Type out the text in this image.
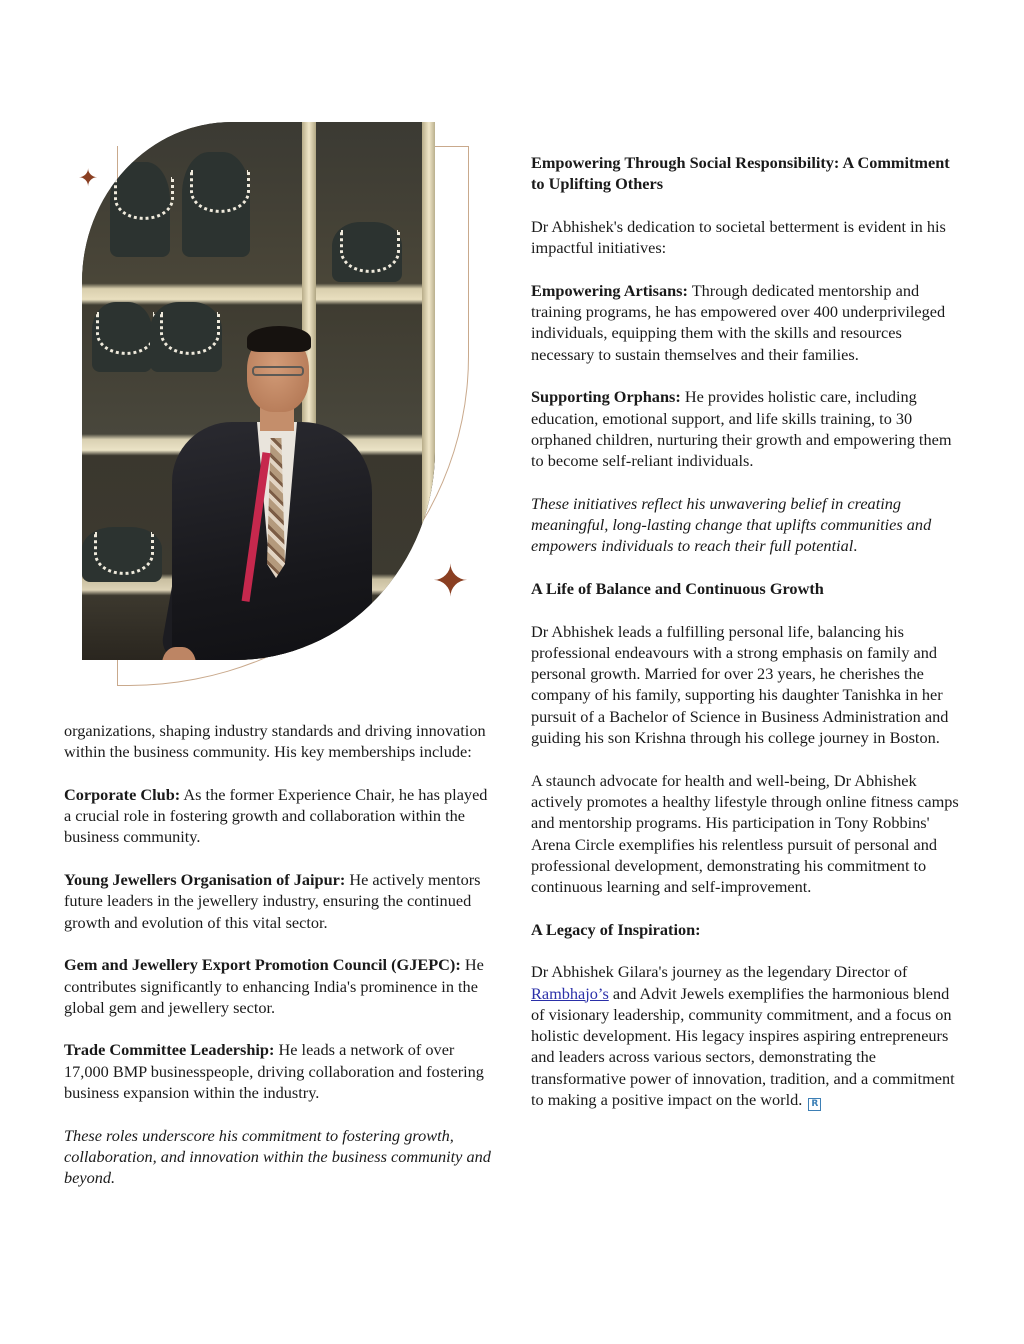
✦
✦

organizations, shaping industry standards and driving innovation within the business community. His key memberships include:

Corporate Club: As the former Experience Chair, he has played a crucial role in fostering growth and collaboration within the business community.

Young Jewellers Organisation of Jaipur: He actively mentors future leaders in the jewellery industry, ensuring the continued growth and evolution of this vital sector.

Gem and Jewellery Export Promotion Council (GJEPC): He contributes significantly to enhancing India's prominence in the global gem and jewellery sector.

Trade Committee Leadership: He leads a network of over 17,000 BMP businesspeople, driving collaboration and fostering business expansion within the industry.

These roles underscore his commitment to fostering growth, collaboration, and innovation within the business community and beyond.

Empowering Through Social Responsibility: A Commitment to Uplifting Others

Dr Abhishek's dedication to societal betterment is evident in his impactful initiatives:

Empowering Artisans: Through dedicated mentorship and training programs, he has empowered over 400 underprivileged individuals, equipping them with the skills and resources necessary to sustain themselves and their families.

Supporting Orphans: He provides holistic care, including education, emotional support, and life skills training, to 30 orphaned children, nurturing their growth and empowering them to become self-reliant individuals.

These initiatives reflect his unwavering belief in creating meaningful, long-lasting change that uplifts communities and empowers individuals to reach their full potential.

A Life of Balance and Continuous Growth

Dr Abhishek leads a fulfilling personal life, balancing his professional endeavours with a strong emphasis on family and personal growth. Married for over 23 years, he cherishes the company of his family, supporting his daughter Tanishka in her pursuit of a Bachelor of Science in Business Administration and guiding his son Krishna through his college journey in Boston.

A staunch advocate for health and well-being, Dr Abhishek actively promotes a healthy lifestyle through online fitness camps and mentorship programs. His participation in Tony Robbins' Arena Circle exemplifies his relentless pursuit of personal and professional development, demonstrating his commitment to continuous learning and self-improvement.

A Legacy of Inspiration:

Dr Abhishek Gilara's journey as the legendary Director of Rambhajo’s and Advit Jewels exemplifies the harmonious blend of visionary leadership, community commitment, and a focus on holistic development. His legacy inspires aspiring entrepreneurs and leaders across various sectors, demonstrating the transformative power of innovation, tradition, and a commitment to making a positive impact on the world. R
